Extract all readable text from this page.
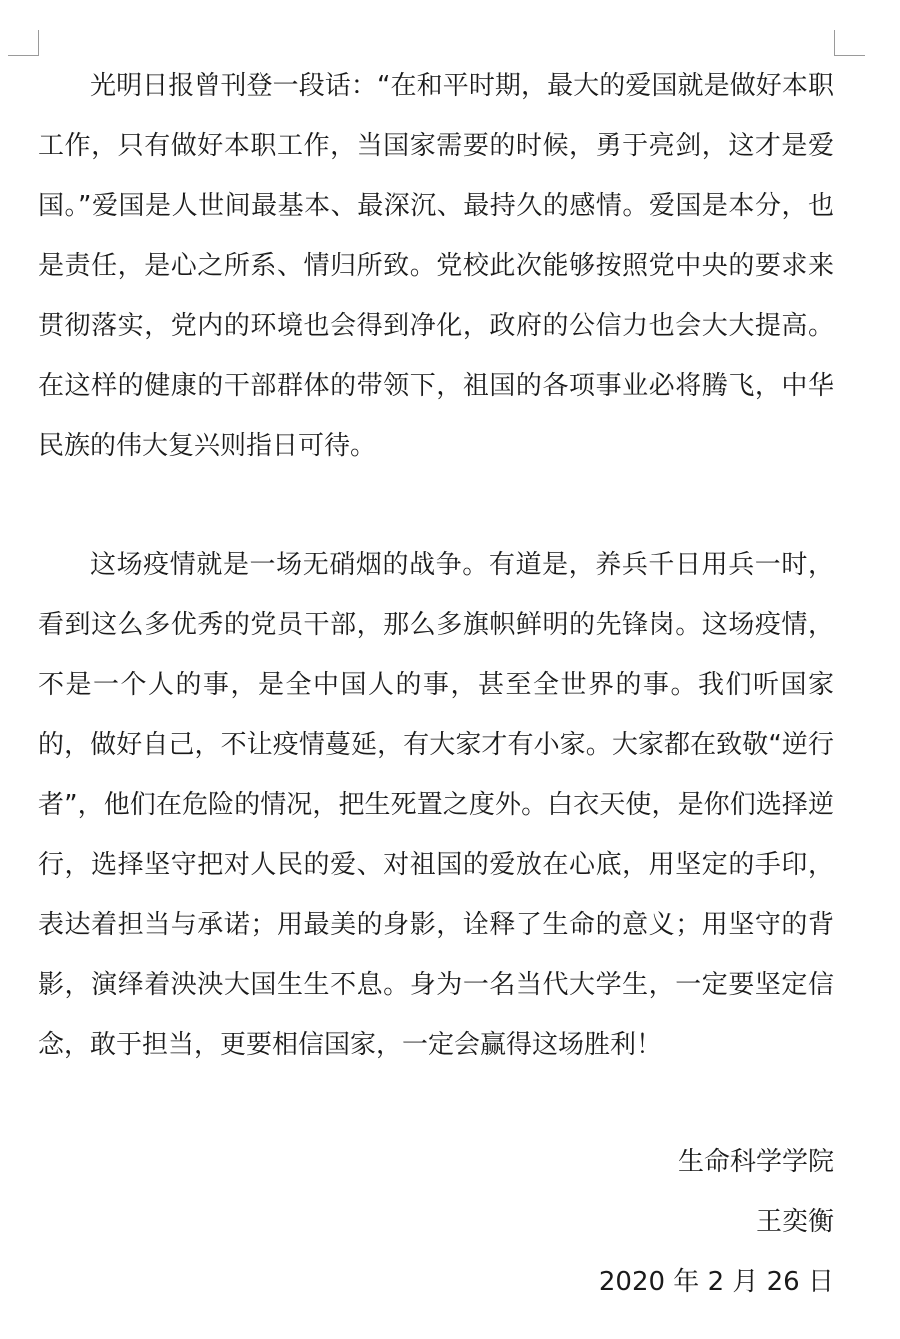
光明日报曾刊登一段话：“在和平时期，最大的爱国就是做好本职工作，只有做好本职工作，当国家需要的时候，勇于亮剑，这才是爱国。”爱国是人世间最基本、最深沉、最持久的感情。爱国是本分，也是责任，是心之所系、情归所致。党校此次能够按照党中央的要求来贯彻落实，党内的环境也会得到净化，政府的公信力也会大大提高。在这样的健康的干部群体的带领下，祖国的各项事业必将腾飞，中华民族的伟大复兴则指日可待。

这场疫情就是一场无硝烟的战争。有道是，养兵千日用兵一时，看到这么多优秀的党员干部，那么多旗帜鲜明的先锋岗。这场疫情，不是一个人的事，是全中国人的事，甚至全世界的事。我们听国家的，做好自己，不让疫情蔓延，有大家才有小家。大家都在致敬“逆行者”，他们在危险的情况，把生死置之度外。白衣天使，是你们选择逆行，选择坚守把对人民的爱、对祖国的爱放在心底，用坚定的手印，表达着担当与承诺；用最美的身影，诠释了生命的意义；用坚守的背影，演绎着泱泱大国生生不息。身为一名当代大学生，一定要坚定信念，敢于担当，更要相信国家，一定会赢得这场胜利！

生命科学学院
王奕衡
2020 年 2 月 26 日
